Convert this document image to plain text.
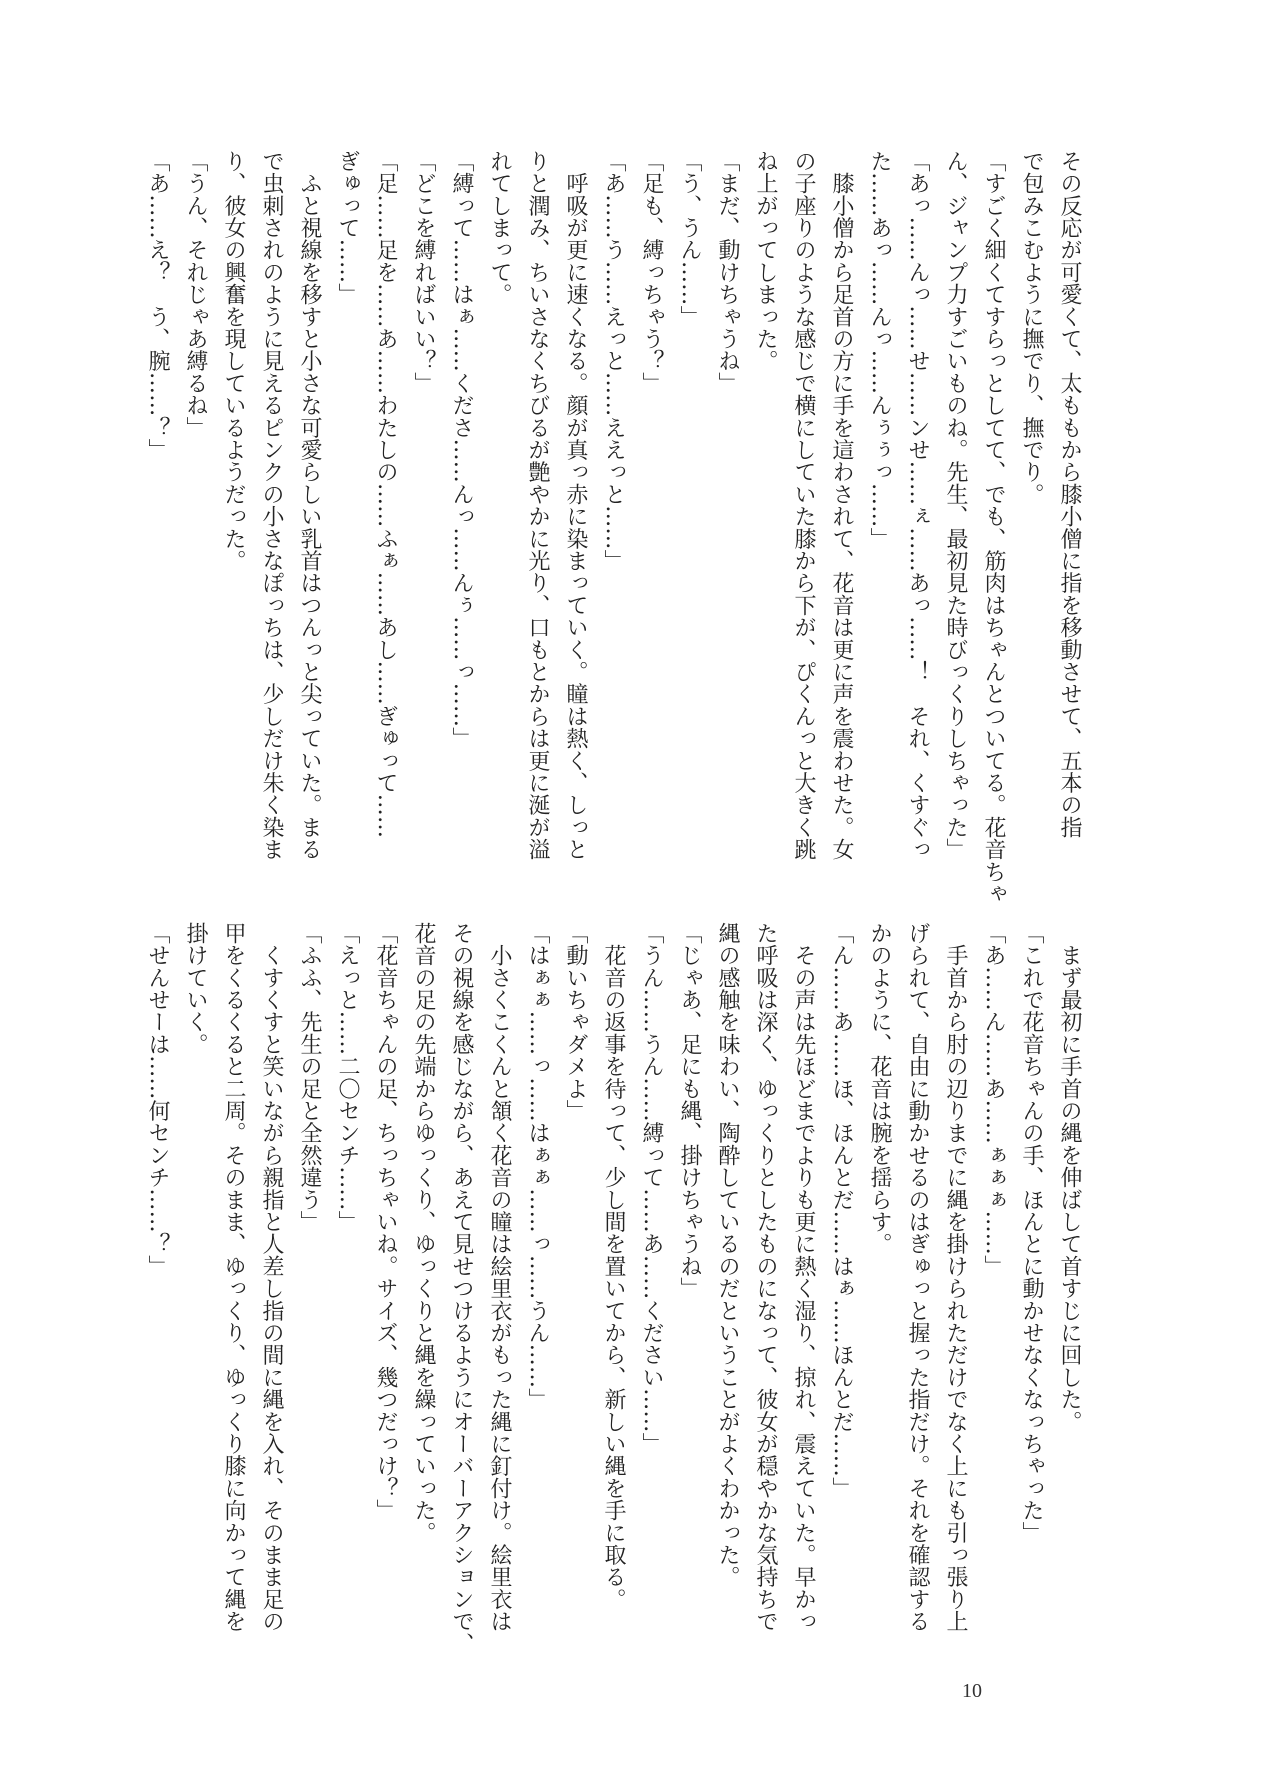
その反応が可愛くて、太ももから膝小僧に指を移動させて、五本の指
で包みこむように撫でり、撫でり。
「すごく細くてすらっとしてて、でも、筋肉はちゃんとついてる。花音ちゃ
ん、ジャンプ力すごいものね。先生、最初見た時びっくりしちゃった」
「あっ……んっ……せ……ンせ……ぇ……あっ……！　それ、くすぐっ
た……あっ……んっ……んぅぅっ……」
　膝小僧から足首の方に手を這わされて、花音は更に声を震わせた。女
の子座りのような感じで横にしていた膝から下が、ぴくんっと大きく跳
ね上がってしまった。
「まだ、動けちゃうね」
「う、うん……」
「足も、縛っちゃう？」
「あ……う……えっと……ええっと……」
　呼吸が更に速くなる。顔が真っ赤に染まっていく。瞳は熱く、しっと
りと潤み、ちいさなくちびるが艶やかに光り、口もとからは更に涎が溢
れてしまって。
「縛って……はぁ……くださ……んっ……んぅ……っ……」
「どこを縛ればいい？」
「足……足を……あ……わたしの……ふぁ……あし……ぎゅって……
ぎゅって……」
　ふと視線を移すと小さな可愛らしい乳首はつんっと尖っていた。まる
で虫刺されのように見えるピンクの小さなぽっちは、少しだけ朱く染ま
り、彼女の興奮を現しているようだった。
「うん、それじゃあ縛るね」
「あ……え？　う、腕……？」
　まず最初に手首の縄を伸ばして首すじに回した。
「これで花音ちゃんの手、ほんとに動かせなくなっちゃった」
「あ……ん……あ……ぁぁぁ……」
　手首から肘の辺りまでに縄を掛けられただけでなく上にも引っ張り上
げられて、自由に動かせるのはぎゅっと握った指だけ。それを確認する
かのように、花音は腕を揺らす。
「ん……あ……ほ、ほんとだ……はぁ……ほんとだ……」
　その声は先ほどまでよりも更に熱く湿り、掠れ、震えていた。早かっ
た呼吸は深く、ゆっくりとしたものになって、彼女が穏やかな気持ちで
縄の感触を味わい、陶酔しているのだということがよくわかった。
「じゃあ、足にも縄、掛けちゃうね」
「うん……うん……縛って……あ……ください……」
　花音の返事を待って、少し間を置いてから、新しい縄を手に取る。
「動いちゃダメよ」
「はぁぁ……っ……はぁぁ……っ……うん……」
　小さくこくんと頷く花音の瞳は絵里衣がもった縄に釘付け。絵里衣は
その視線を感じながら、あえて見せつけるようにオーバーアクションで、
花音の足の先端からゆっくり、ゆっくりと縄を繰っていった。
「花音ちゃんの足、ちっちゃいね。サイズ、幾つだっけ？」
「えっと……二〇センチ……」
「ふふ、先生の足と全然違う」
　くすくすと笑いながら親指と人差し指の間に縄を入れ、そのまま足の
甲をくるくると二周。そのまま、ゆっくり、ゆっくり膝に向かって縄を
掛けていく。
「せんせーは……何センチ……？」
10
